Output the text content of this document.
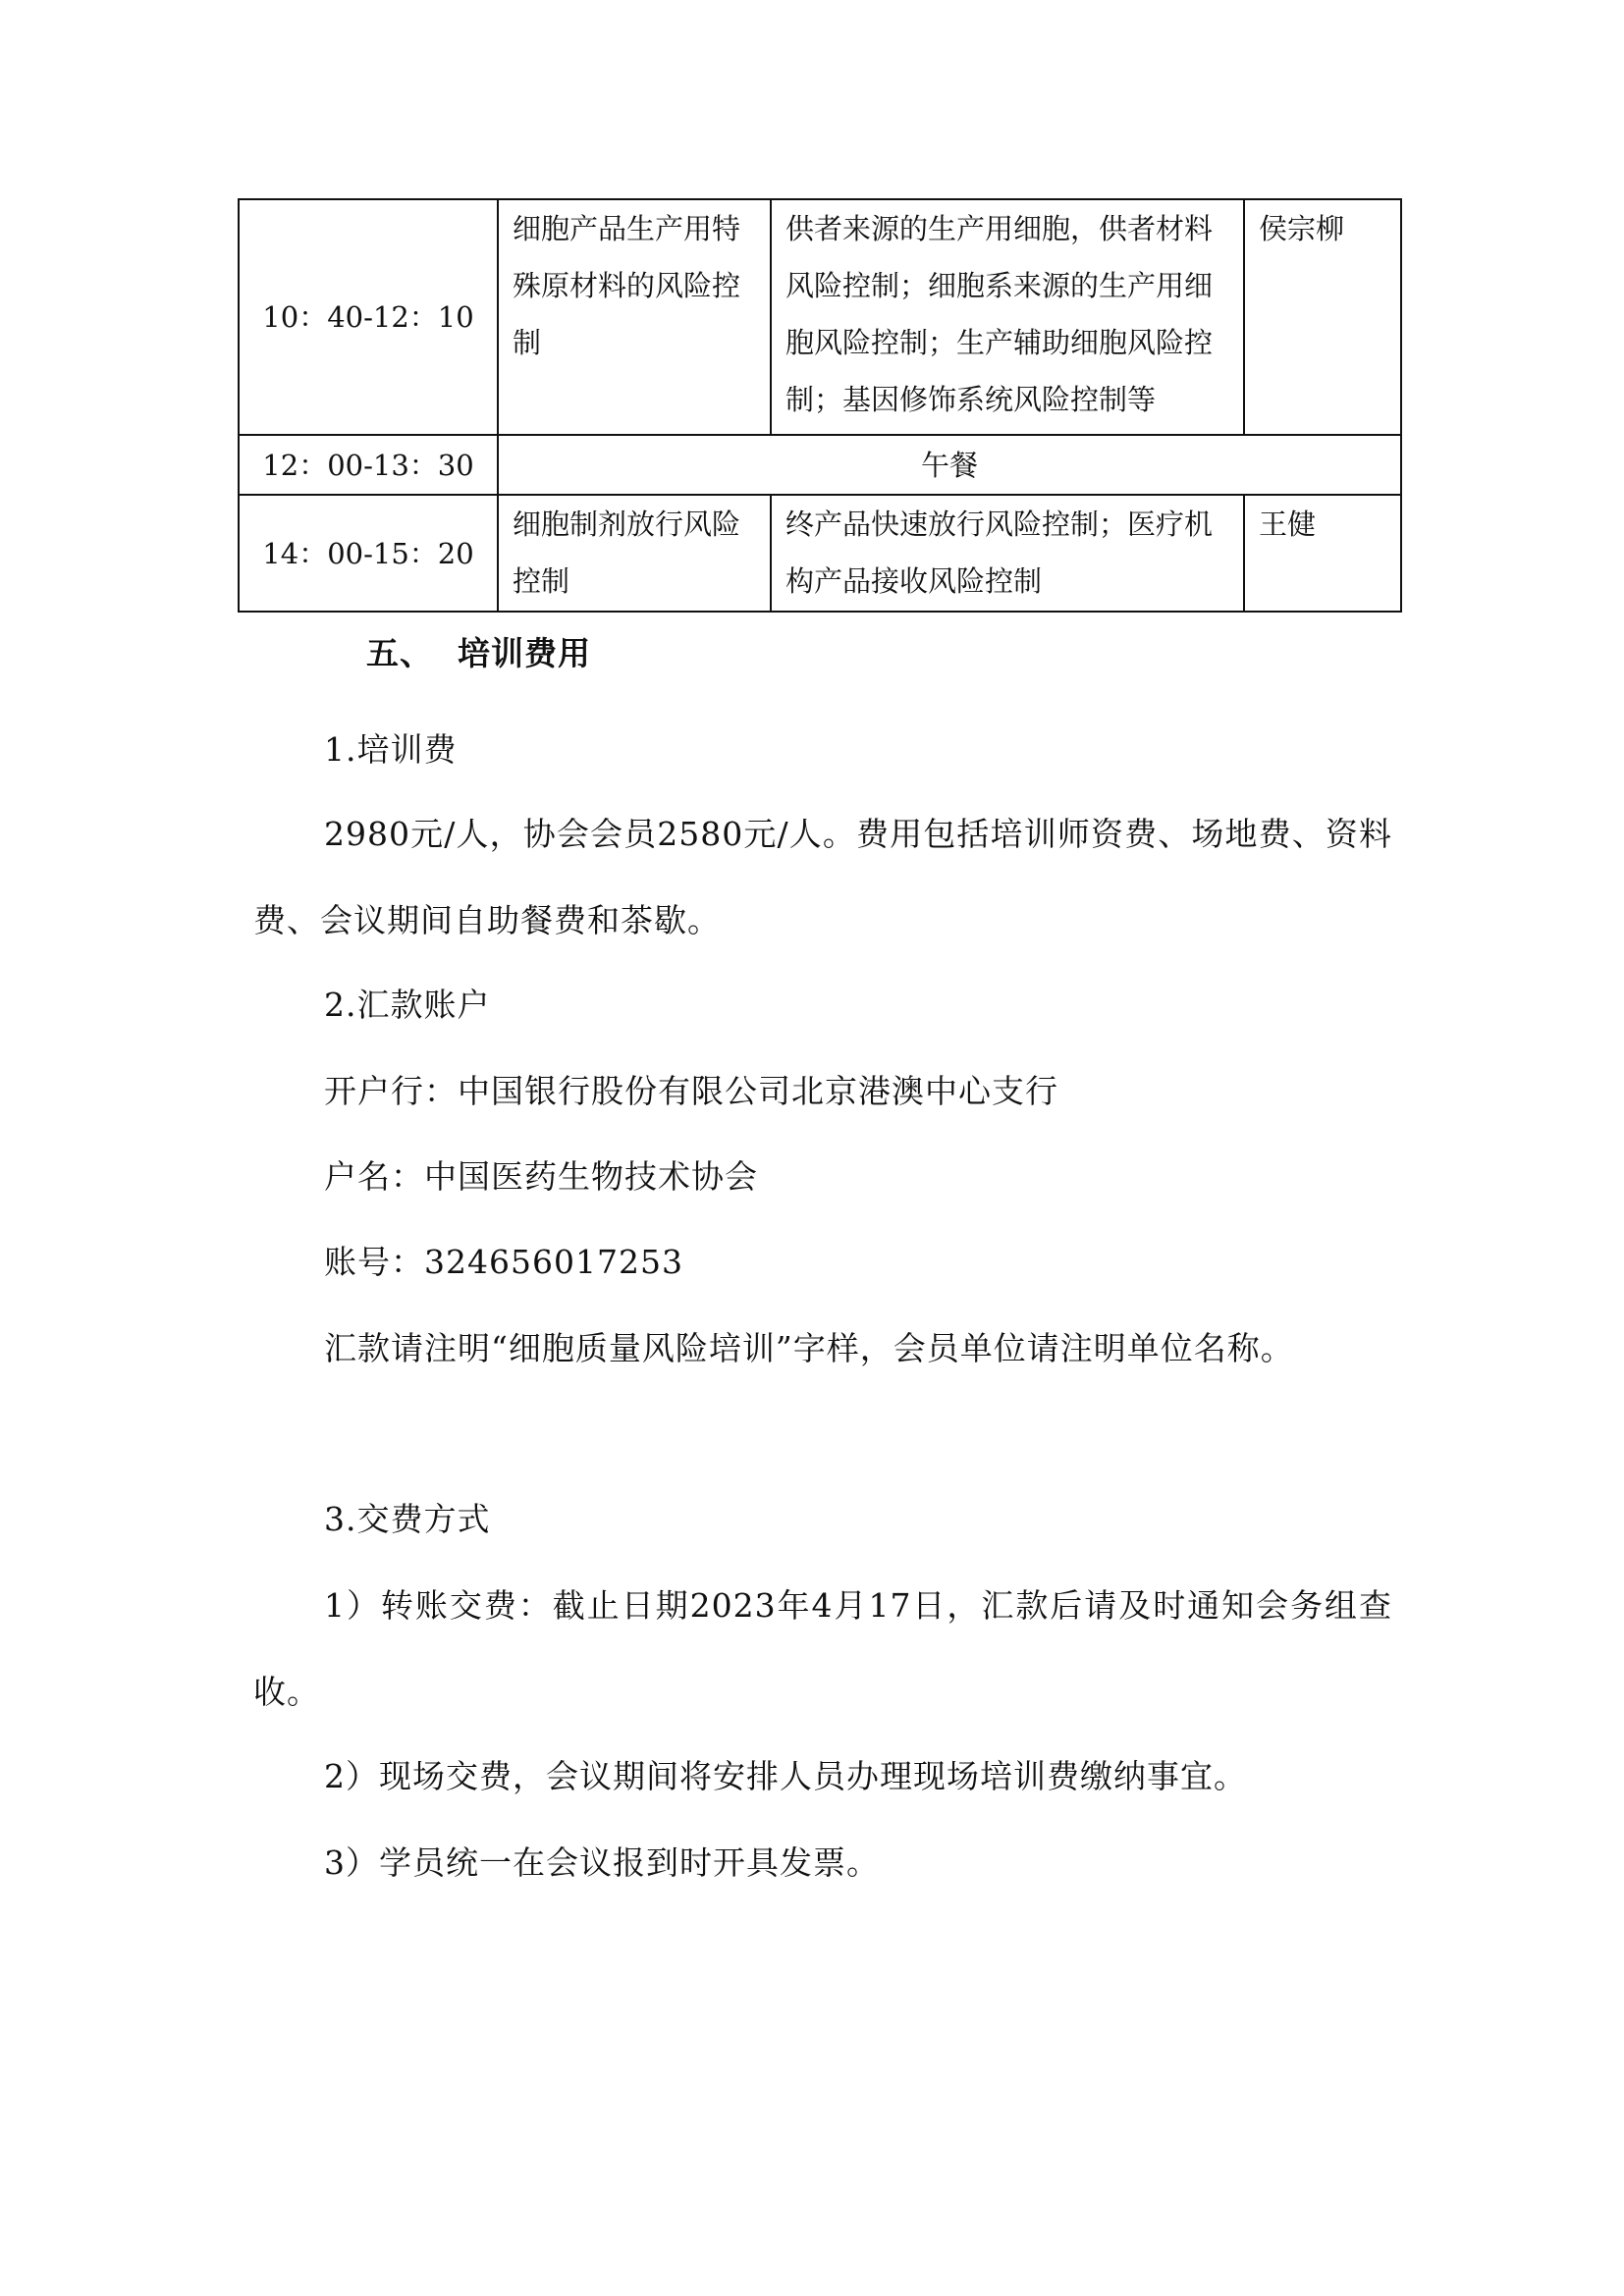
10：40-12：10	细胞产品生产用特殊原材料的风险控制	供者来源的生产用细胞，供者材料风险控制；细胞系来源的生产用细胞风险控制；生产辅助细胞风险控制；基因修饰系统风险控制等	侯宗柳
12：00-13：30	午餐		
14：00-15：20	细胞制剂放行风险控制	终产品快速放行风险控制；医疗机构产品接收风险控制	王健
五、  培训费用
1.培训费
2980元/人，协会会员2580元/人。费用包括培训师资费、场地费、资料费、会议期间自助餐费和茶歇。
2.汇款账户
开户行：中国银行股份有限公司北京港澳中心支行
户名：中国医药生物技术协会
账号：324656017253
汇款请注明“细胞质量风险培训”字样，会员单位请注明单位名称。
3.交费方式
1）转账交费：截止日期2023年4月17日，汇款后请及时通知会务组查收。
2）现场交费，会议期间将安排人员办理现场培训费缴纳事宜。
3）学员统一在会议报到时开具发票。
